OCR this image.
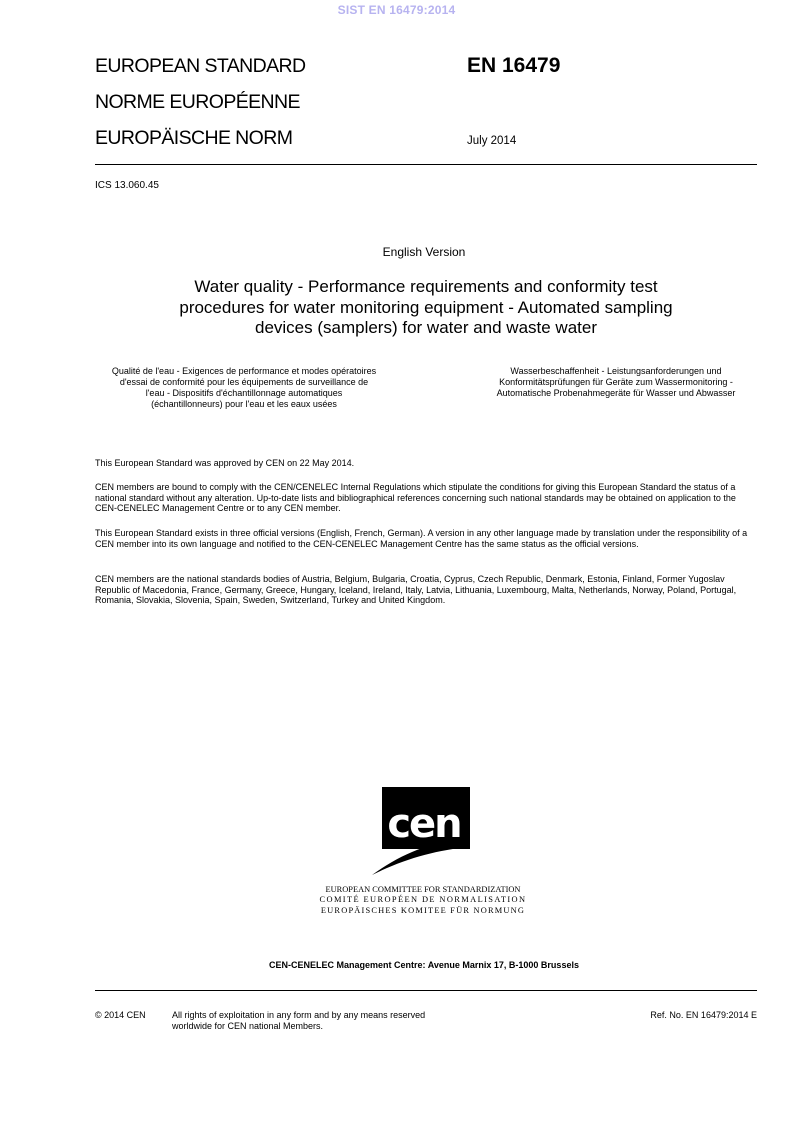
SIST EN 16479:2014
EUROPEAN STANDARD
NORME EUROPÉENNE
EUROPÄISCHE NORM
EN 16479
July 2014
ICS 13.060.45
English Version
Water quality - Performance requirements and conformity test procedures for water monitoring equipment - Automated sampling devices (samplers) for water and waste water
Qualité de l'eau - Exigences de performance et modes opératoires d'essai de conformité pour les équipements de surveillance de l'eau - Dispositifs d'échantillonnage automatiques (échantillonneurs) pour l'eau et les eaux usées
Wasserbeschaffenheit - Leistungsanforderungen und Konformitätsprüfungen für Geräte zum Wassermonitoring - Automatische Probenahmegeräte für Wasser und Abwasser
This European Standard was approved by CEN on 22 May 2014.
CEN members are bound to comply with the CEN/CENELEC Internal Regulations which stipulate the conditions for giving this European Standard the status of a national standard without any alteration. Up-to-date lists and bibliographical references concerning such national standards may be obtained on application to the CEN-CENELEC Management Centre or to any CEN member.
This European Standard exists in three official versions (English, French, German). A version in any other language made by translation under the responsibility of a CEN member into its own language and notified to the CEN-CENELEC Management Centre has the same status as the official versions.
CEN members are the national standards bodies of Austria, Belgium, Bulgaria, Croatia, Cyprus, Czech Republic, Denmark, Estonia, Finland, Former Yugoslav Republic of Macedonia, France, Germany, Greece, Hungary, Iceland, Ireland, Italy, Latvia, Lithuania, Luxembourg, Malta, Netherlands, Norway, Poland, Portugal, Romania, Slovakia, Slovenia, Spain, Sweden, Switzerland, Turkey and United Kingdom.
cen
EUROPEAN COMMITTEE FOR STANDARDIZATION
COMITÉ EUROPÉEN DE NORMALISATION
EUROPÄISCHES KOMITEE FÜR NORMUNG
CEN-CENELEC Management Centre: Avenue Marnix 17, B-1000 Brussels
© 2014 CEN	All rights of exploitation in any form and by any means reserved
worldwide for CEN national Members.
Ref. No. EN 16479:2014 E
